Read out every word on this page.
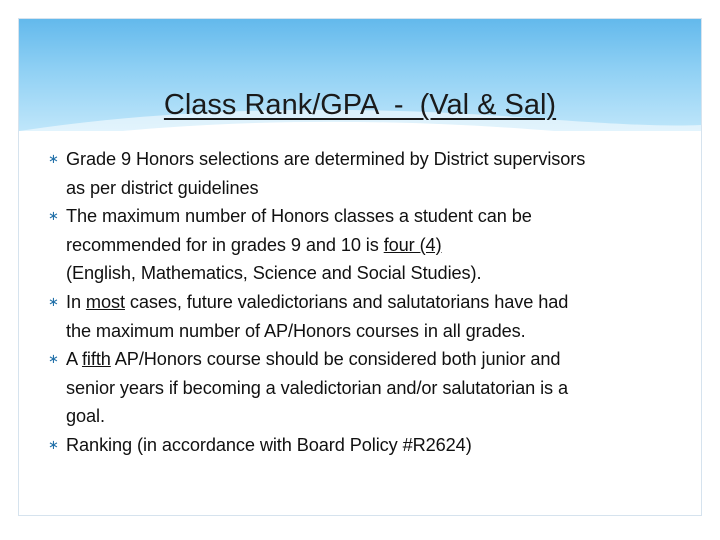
Class Rank/GPA  -  (Val & Sal)
∗ Grade 9 Honors selections are determined by District supervisors
as per district guidelines
∗ The maximum number of Honors classes a student can be
recommended for in grades 9 and 10 is four (4)
(English, Mathematics, Science and Social Studies).
∗ In most cases, future valedictorians and salutatorians have had
the maximum number of AP/Honors courses in all grades.
∗ A fifth AP/Honors course should be considered both junior and
senior years if becoming a valedictorian and/or salutatorian is a
goal.
∗ Ranking (in accordance with Board Policy #R2624)
